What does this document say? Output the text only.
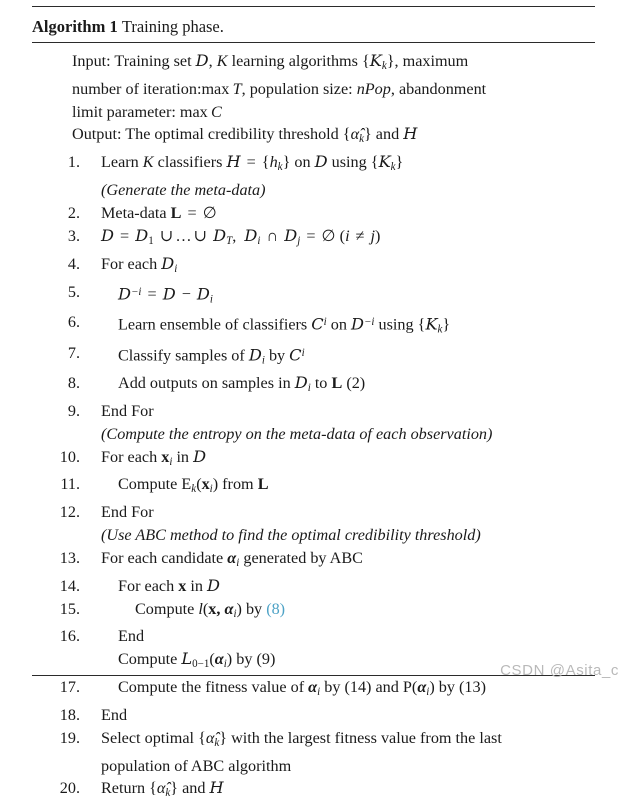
Algorithm 1 Training phase.

Input: Training set D, K learning algorithms $\{K_k\}$, maximum

number of iteration:max  T, population size: nPop, abandonment

limit parameter: max  C

Output: The optimal credibility threshold $\{\alphâ_k\}$ and H

1. Learn K classifiers $H = \{h_k\}$ on D using $\{K_k\}$
(Generate the meta-data)
2. Meta-data L = ∅
3. $D = D_1$ ∪ … ∪ $D_T$,  $D_i$ ∩ $D_j$ = ∅ (i ≠ j)
4. For each $D_i$
5.	$D^{-i} = D - D_i$
6.	Learn ensemble of classifiers $C^i$ on $D^{-i}$ using $\{K_k\}$
7.	Classify samples of $D_i$ by $C^i$
8.	Add outputs on samples in $D_i$ to L (2)
9. End For
(Compute the entropy on the meta-data of each observation)
10. For each $x_i$ in D
11.	Compute $E_k(x_i)$ from L
12. End For
(Use ABC method to find the optimal credibility threshold)
13. For each candidate $\alpha_i$ generated by ABC
14.	For each x in D
15.	Compute l(x, $\alpha_i$) by (8)
16.	End
Compute $L_{0-1}(\alpha_i)$ by (9)
17.	Compute the fitness value of $\alpha_i$ by (14) and $P(\alpha_i)$ by (13)
18. End
19. Select optimal $\{\alphâ_k\}$ with the largest fitness value from the last
population of ABC algorithm
20. Return $\{\alphâ_k\}$ and H
CSDN @Asita_c
